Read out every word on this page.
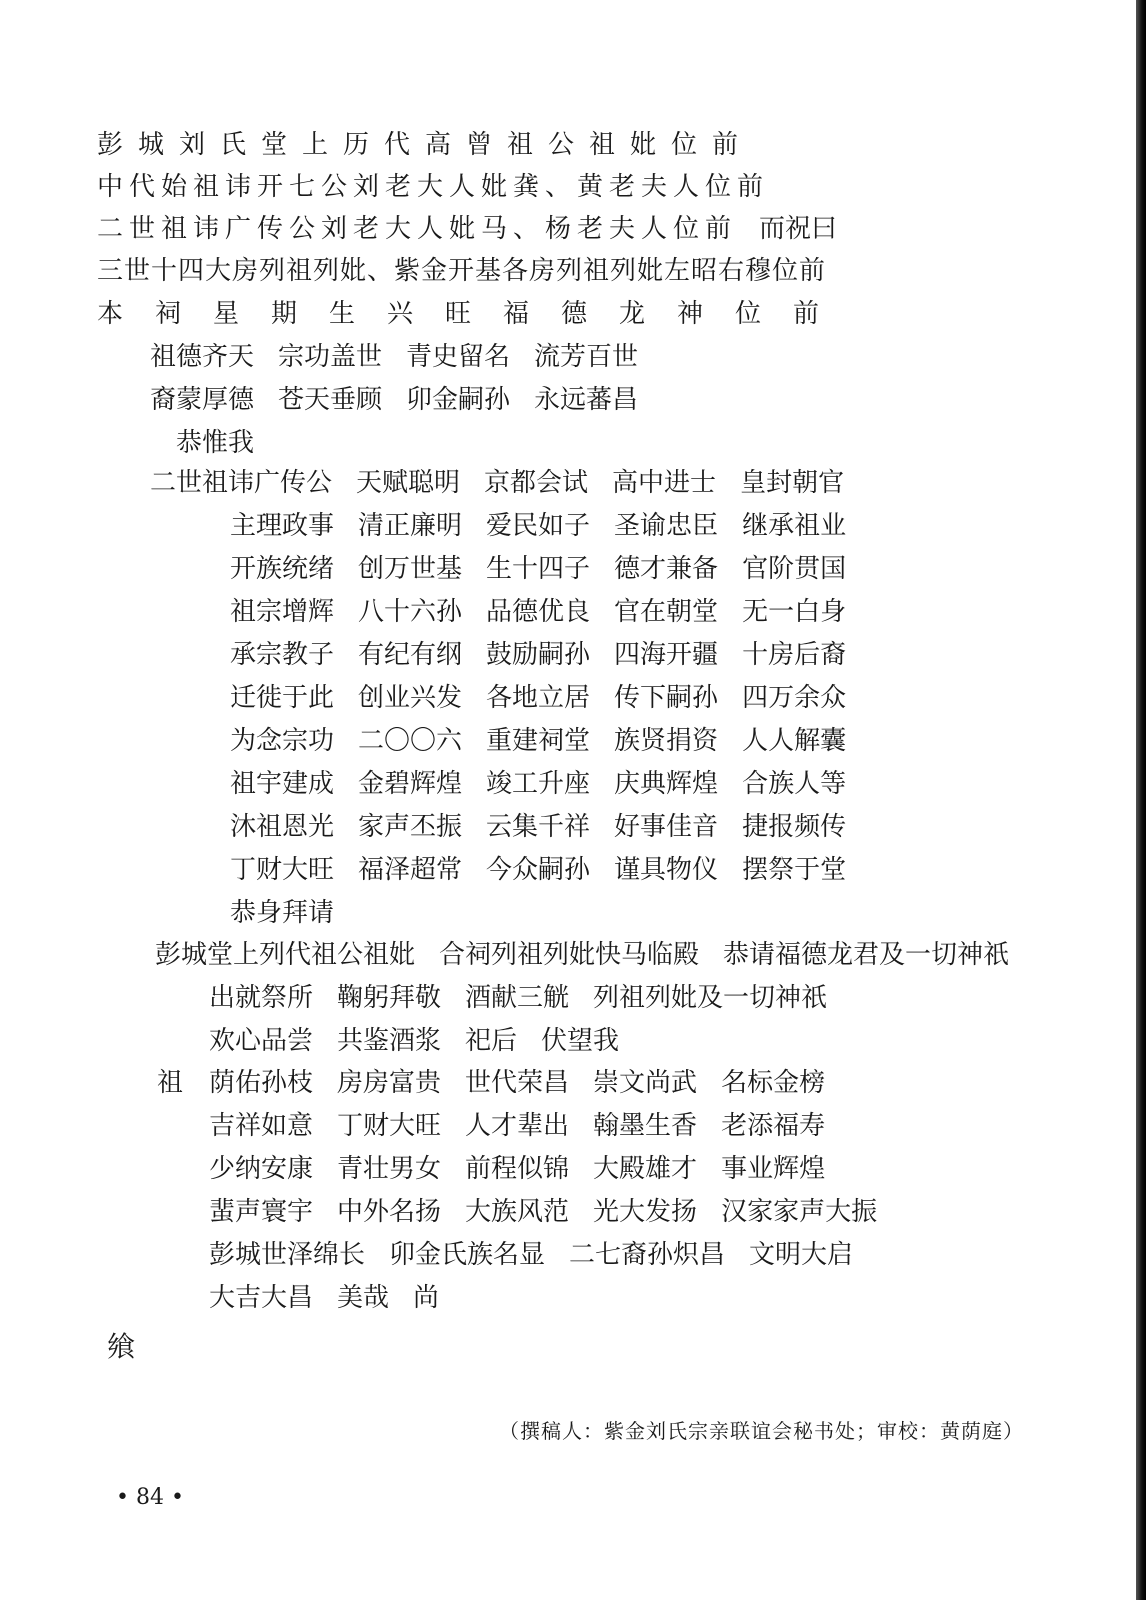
彭城刘氏堂上历代高曾祖公祖妣位前
中代始祖讳开七公刘老大人妣龚、黄老夫人位前
二世祖讳广传公刘老大人妣马、杨老夫人位前 而祝曰
三世十四大房列祖列妣、紫金开基各房列祖列妣左昭右穆位前
本祠星期生兴旺福德龙神位前
祖德齐天 宗功盖世 青史留名 流芳百世
裔蒙厚德 苍天垂顾 卯金嗣孙 永远蕃昌
恭惟我
二世祖讳广传公 天赋聪明 京都会试 高中进士 皇封朝官
主理政事 清正廉明 爱民如子 圣谕忠臣 继承祖业
开族统绪 创万世基 生十四子 德才兼备 官阶贯国
祖宗增辉 八十六孙 品德优良 官在朝堂 无一白身
承宗教子 有纪有纲 鼓励嗣孙 四海开疆 十房后裔
迁徙于此 创业兴发 各地立居 传下嗣孙 四万余众
为念宗功 二〇〇六 重建祠堂 族贤捐资 人人解囊
祖宇建成 金碧辉煌 竣工升座 庆典辉煌 合族人等
沐祖恩光 家声丕振 云集千祥 好事佳音 捷报频传
丁财大旺 福泽超常 今众嗣孙 谨具物仪 摆祭于堂
恭身拜请
彭城堂上列代祖公祖妣 合祠列祖列妣快马临殿 恭请福德龙君及一切神祇
出就祭所 鞠躬拜敬 酒献三觥 列祖列妣及一切神祇
欢心品尝 共鉴酒浆 祀后 伏望我
祖 荫佑孙枝 房房富贵 世代荣昌 崇文尚武 名标金榜
吉祥如意 丁财大旺 人才辈出 翰墨生香 老添福寿
少纳安康 青壮男女 前程似锦 大殿雄才 事业辉煌
蜚声寰宇 中外名扬 大族风范 光大发扬 汉家家声大振
彭城世泽绵长 卯金氏族名显 二七裔孙炽昌 文明大启
大吉大昌 美哉 尚
飨
（撰稿人：紫金刘氏宗亲联谊会秘书处；审校：黄荫庭）
• 84 •
